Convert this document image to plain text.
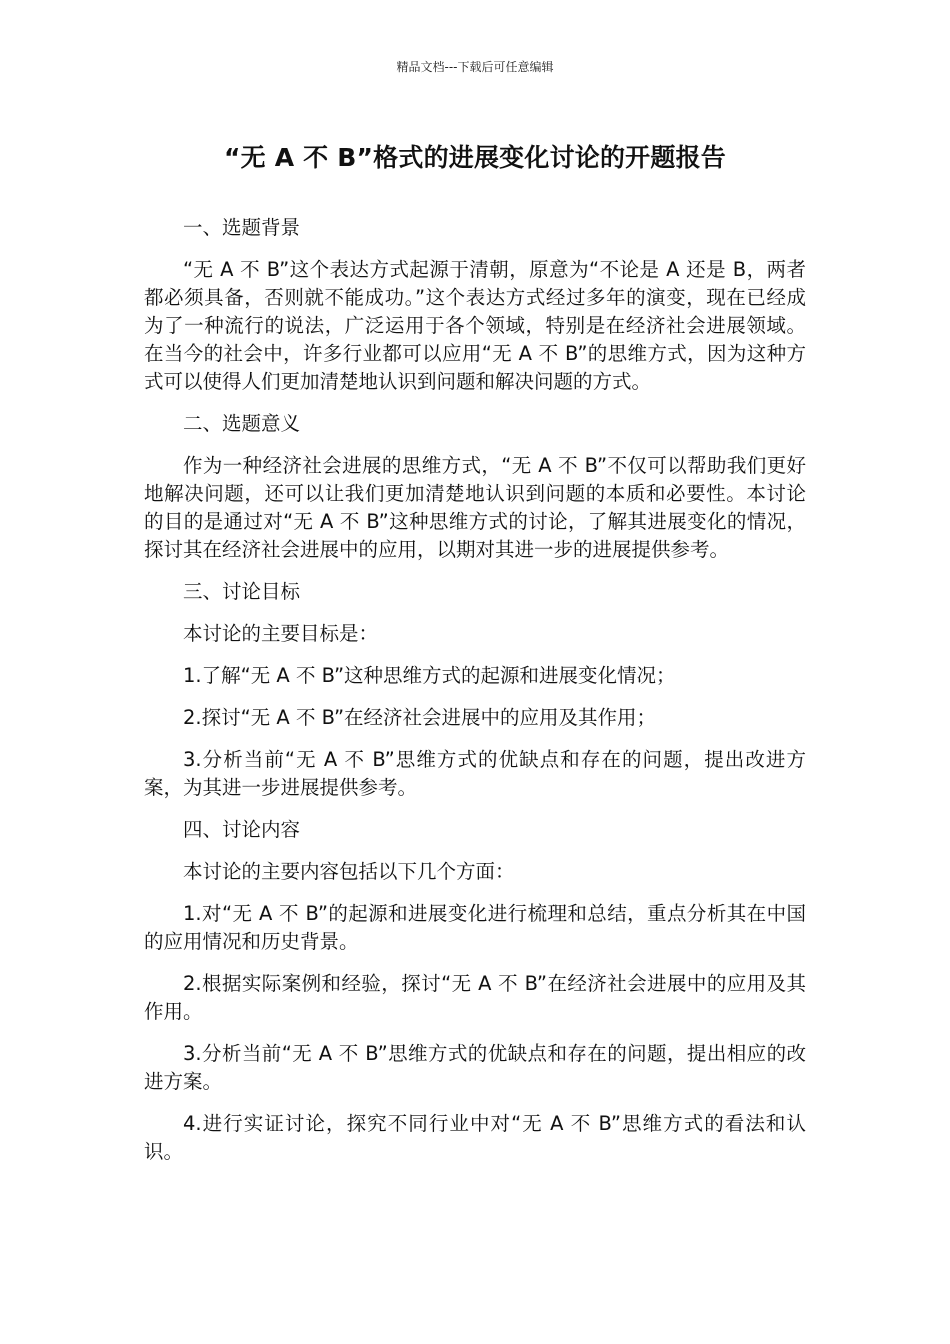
精品文档---下载后可任意编辑
“无 A 不 B”格式的进展变化讨论的开题报告

一、选题背景

“无 A 不 B”这个表达方式起源于清朝，原意为“不论是 A 还是 B，两者都必须具备，否则就不能成功。”这个表达方式经过多年的演变，现在已经成为了一种流行的说法，广泛运用于各个领域，特别是在经济社会进展领域。在当今的社会中，许多行业都可以应用“无 A 不 B”的思维方式，因为这种方式可以使得人们更加清楚地认识到问题和解决问题的方式。

二、选题意义

作为一种经济社会进展的思维方式，“无 A 不 B”不仅可以帮助我们更好地解决问题，还可以让我们更加清楚地认识到问题的本质和必要性。本讨论的目的是通过对“无 A 不 B”这种思维方式的讨论，了解其进展变化的情况，探讨其在经济社会进展中的应用，以期对其进一步的进展提供参考。

三、讨论目标

本讨论的主要目标是：

1.了解“无 A 不 B”这种思维方式的起源和进展变化情况；

2.探讨“无 A 不 B”在经济社会进展中的应用及其作用；

3.分析当前“无 A 不 B”思维方式的优缺点和存在的问题，提出改进方案，为其进一步进展提供参考。

四、讨论内容

本讨论的主要内容包括以下几个方面：

1.对“无 A 不 B”的起源和进展变化进行梳理和总结，重点分析其在中国的应用情况和历史背景。

2.根据实际案例和经验，探讨“无 A 不 B”在经济社会进展中的应用及其作用。

3.分析当前“无 A 不 B”思维方式的优缺点和存在的问题，提出相应的改进方案。

4.进行实证讨论，探究不同行业中对“无 A 不 B”思维方式的看法和认识。
